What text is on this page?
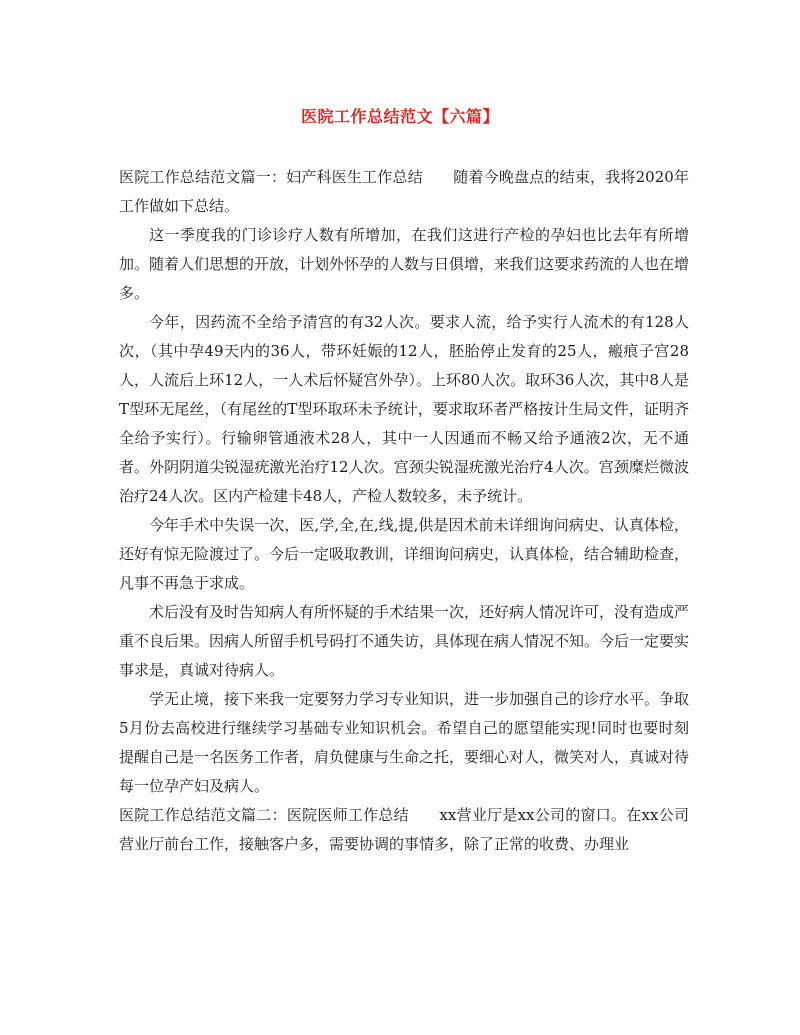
医院工作总结范文【六篇】

医院工作总结范文篇一：妇产科医生工作总结　　随着今晚盘点的结束，我将2020年工作做如下总结。

这一季度我的门诊诊疗人数有所增加，在我们这进行产检的孕妇也比去年有所增加。随着人们思想的开放，计划外怀孕的人数与日俱增，来我们这要求药流的人也在增多。

今年，因药流不全给予清宫的有32人次。要求人流，给予实行人流术的有128人次，（其中孕49天内的36人，带环妊娠的12人，胚胎停止发育的25人，瘢痕子宫28人，人流后上环12人，一人术后怀疑宫外孕）。上环80人次。取环36人次，其中8人是T型环无尾丝，（有尾丝的T型环取环未予统计，要求取环者严格按计生局文件，证明齐全给予实行）。行输卵管通液术28人，其中一人因通而不畅又给予通液2次，无不通者。外阴阴道尖锐湿疣激光治疗12人次。宫颈尖锐湿疣激光治疗4人次。宫颈糜烂微波治疗24人次。区内产检建卡48人，产检人数较多，未予统计。

今年手术中失误一次，医,学,全,在,线,提,供是因术前未详细询问病史、认真体检，还好有惊无险渡过了。今后一定吸取教训，详细询问病史，认真体检，结合辅助检查，凡事不再急于求成。

术后没有及时告知病人有所怀疑的手术结果一次，还好病人情况许可，没有造成严重不良后果。因病人所留手机号码打不通失访，具体现在病人情况不知。今后一定要实事求是，真诚对待病人。

学无止境，接下来我一定要努力学习专业知识，进一步加强自己的诊疗水平。争取5月份去高校进行继续学习基础专业知识机会。希望自己的愿望能实现!同时也要时刻提醒自己是一名医务工作者，肩负健康与生命之托，要细心对人，微笑对人，真诚对待每一位孕产妇及病人。

医院工作总结范文篇二：医院医师工作总结　　xx营业厅是xx公司的窗口。在xx公司营业厅前台工作，接触客户多，需要协调的事情多，除了正常的收费、办理业
